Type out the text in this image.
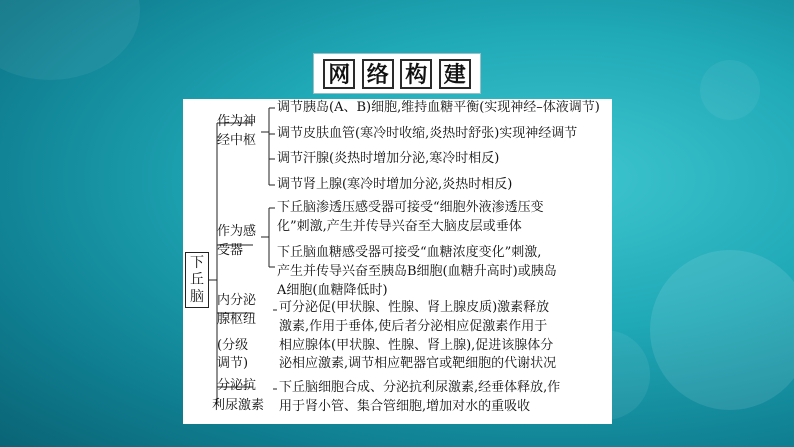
网 络 构 建
下
丘
脑
作为神
经中枢
作为感
受器
内分泌
腺枢纽
(分级
调节)
分泌抗
利尿激素
调节胰岛(A、B)细胞,维持血糖平衡(实现神经–体液调节)
调节皮肤血管(寒冷时收缩,炎热时舒张)实现神经调节
调节汗腺(炎热时增加分泌,寒冷时相反)
调节肾上腺(寒冷时增加分泌,炎热时相反)
下丘脑渗透压感受器可接受“细胞外液渗透压变
化”刺激,产生并传导兴奋至大脑皮层或垂体
下丘脑血糖感受器可接受“血糖浓度变化”刺激,
产生并传导兴奋至胰岛B细胞(血糖升高时)或胰岛
A细胞(血糖降低时)
可分泌促(甲状腺、性腺、肾上腺皮质)激素释放
激素,作用于垂体,使后者分泌相应促激素作用于
相应腺体(甲状腺、性腺、肾上腺),促进该腺体分
泌相应激素,调节相应靶器官或靶细胞的代谢状况
下丘脑细胞合成、分泌抗利尿激素,经垂体释放,作
用于肾小管、集合管细胞,增加对水的重吸收
